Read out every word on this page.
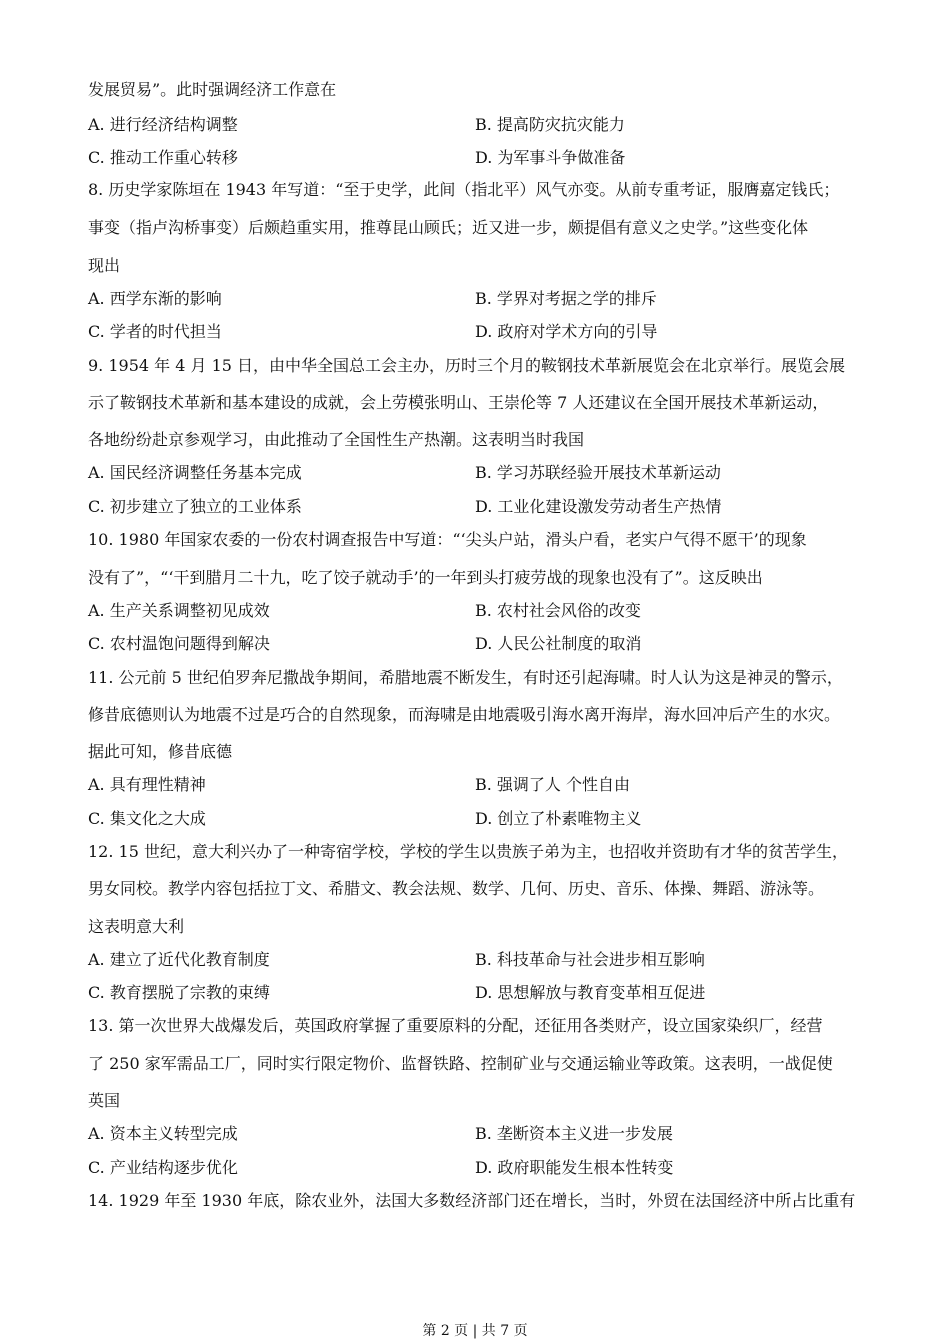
发展贸易”。此时强调经济工作意在
A. 进行经济结构调整	B. 提高防灾抗灾能力
C. 推动工作重心转移	D. 为军事斗争做准备
8. 历史学家陈垣在 1943 年写道：“至于史学，此间（指北平）风气亦变。从前专重考证，服膺嘉定钱氏；
事变（指卢沟桥事变）后颇趋重实用，推尊昆山顾氏；近又进一步，颇提倡有意义之史学。”这些变化体
现出
A. 西学东渐的影响	B. 学界对考据之学的排斥
C. 学者的时代担当	D. 政府对学术方向的引导
9. 1954 年 4 月 15 日，由中华全国总工会主办，历时三个月的鞍钢技术革新展览会在北京举行。展览会展
示了鞍钢技术革新和基本建设的成就，会上劳模张明山、王崇伦等 7 人还建议在全国开展技术革新运动，
各地纷纷赴京参观学习，由此推动了全国性生产热潮。这表明当时我国
A. 国民经济调整任务基本完成	B. 学习苏联经验开展技术革新运动
C. 初步建立了独立的工业体系	D. 工业化建设激发劳动者生产热情
10. 1980 年国家农委的一份农村调查报告中写道：“‘尖头户站，滑头户看，老实户气得不愿干’的现象
没有了”，“‘干到腊月二十九，吃了饺子就动手’的一年到头打疲劳战的现象也没有了”。这反映出
A. 生产关系调整初见成效	B. 农村社会风俗的改变
C. 农村温饱问题得到解决	D. 人民公社制度的取消
11. 公元前 5 世纪伯罗奔尼撒战争期间，希腊地震不断发生，有时还引起海啸。时人认为这是神灵的警示，
修昔底德则认为地震不过是巧合的自然现象，而海啸是由地震吸引海水离开海岸，海水回冲后产生的水灾。
据此可知，修昔底德
A. 具有理性精神	B. 强调了人 个性自由
C. 集文化之大成	D. 创立了朴素唯物主义
12. 15 世纪，意大利兴办了一种寄宿学校，学校的学生以贵族子弟为主，也招收并资助有才华的贫苦学生，
男女同校。教学内容包括拉丁文、希腊文、教会法规、数学、几何、历史、音乐、体操、舞蹈、游泳等。
这表明意大利
A. 建立了近代化教育制度	B. 科技革命与社会进步相互影响
C. 教育摆脱了宗教的束缚	D. 思想解放与教育变革相互促进
13. 第一次世界大战爆发后，英国政府掌握了重要原料的分配，还征用各类财产，设立国家染织厂，经营
了 250 家军需品工厂，同时实行限定物价、监督铁路、控制矿业与交通运输业等政策。这表明，一战促使
英国
A. 资本主义转型完成	B. 垄断资本主义进一步发展
C. 产业结构逐步优化	D. 政府职能发生根本性转变
14. 1929 年至 1930 年底，除农业外，法国大多数经济部门还在增长，当时，外贸在法国经济中所占比重有
第 2 页 | 共 7 页
